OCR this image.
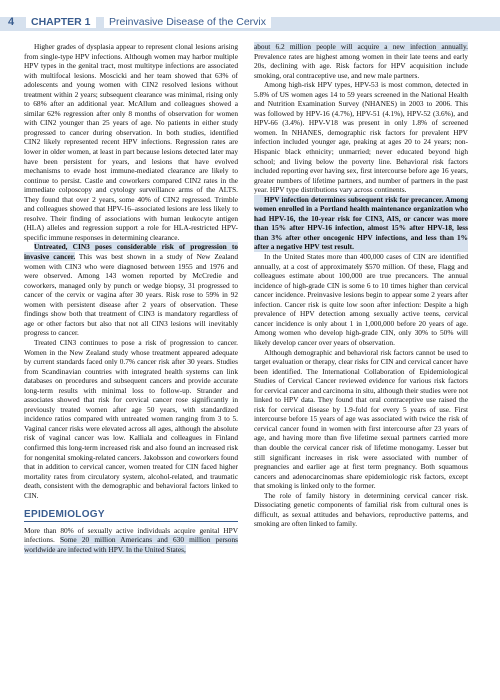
4	CHAPTER 1	Preinvasive Disease of the Cervix

Higher grades of dysplasia appear to represent clonal lesions arising from single-type HPV infections. Although women may harbor multiple HPV types in the genital tract, most multitype infections are associated with multifocal lesions. Moscicki and her team showed that 63% of adolescents and young women with CIN2 resolved lesions without treatment within 2 years; subsequent clearance was minimal, rising only to 68% after an additional year. McAllum and colleagues showed a similar 62% regression after only 8 months of observation for women with CIN2 younger than 25 years of age. No patients in either study progressed to cancer during observation. In both studies, identified CIN2 likely represented recent HPV infections. Regression rates are lower in older women, at least in part because lesions detected later may have been persistent for years, and lesions that have evolved mechanisms to evade host immune-mediated clearance are likely to continue to persist. Castle and coworkers compared CIN2 rates in the immediate colposcopy and cytology surveillance arms of the ALTS. They found that over 2 years, some 40% of CIN2 regressed. Trimble and colleagues showed that HPV-16–associated lesions are less likely to resolve. Their finding of associations with human leukocyte antigen (HLA) alleles and regression support a role for HLA-restricted HPV-specific immune responses in determining clearance.

Untreated, CIN3 poses considerable risk of progression to invasive cancer. This was best shown in a study of New Zealand women with CIN3 who were diagnosed between 1955 and 1976 and were observed. Among 143 women reported by McCredie and coworkers, managed only by punch or wedge biopsy, 31 progressed to cancer of the cervix or vagina after 30 years. Risk rose to 59% in 92 women with persistent disease after 2 years of observation. These findings show both that treatment of CIN3 is mandatory regardless of age or other factors but also that not all CIN3 lesions will inevitably progress to cancer.

Treated CIN3 continues to pose a risk of progression to cancer. Women in the New Zealand study whose treatment appeared adequate by current standards faced only 0.7% cancer risk after 30 years. Studies from Scandinavian countries with integrated health systems can link databases on procedures and subsequent cancers and provide accurate long-term results with minimal loss to follow-up. Strander and associates showed that risk for cervical cancer rose significantly in previously treated women after age 50 years, with standardized incidence ratios compared with untreated women ranging from 3 to 5. Vaginal cancer risks were elevated across all ages, although the absolute risk of vaginal cancer was low. Kalliala and colleagues in Finland confirmed this long-term increased risk and also found an increased risk for nongenital smoking-related cancers. Jakobsson and coworkers found that in addition to cervical cancer, women treated for CIN faced higher mortality rates from circulatory system, alcohol-related, and traumatic death, consistent with the demographic and behavioral factors linked to CIN.

EPIDEMIOLOGY

More than 80% of sexually active individuals acquire genital HPV infections. Some 20 million Americans and 630 million persons worldwide are infected with HPV. In the United States,

about 6.2 million people will acquire a new infection annually. Prevalence rates are highest among women in their late teens and early 20s, declining with age. Risk factors for HPV acquisition include smoking, oral contraceptive use, and new male partners.

Among high-risk HPV types, HPV-53 is most common, detected in 5.8% of US women ages 14 to 59 years screened in the National Health and Nutrition Examination Survey (NHANES) in 2003 to 2006. This was followed by HPV-16 (4.7%), HPV-51 (4.1%), HPV-52 (3.6%), and HPV-66 (3.4%). HPV-V18 was present in only 1.8% of screened women. In NHANES, demographic risk factors for prevalent HPV infection included younger age, peaking at ages 20 to 24 years; non-Hispanic black ethnicity; unmarried; never educated beyond high school; and living below the poverty line. Behavioral risk factors included reporting ever having sex, first intercourse before age 16 years, greater numbers of lifetime partners, and number of partners in the past year. HPV type distributions vary across continents.

HPV infection determines subsequent risk for precancer. Among women enrolled in a Portland health maintenance organization who had HPV-16, the 10-year risk for CIN3, AIS, or cancer was more than 15% after HPV-16 infection, almost 15% after HPV-18, less than 3% after other oncogenic HPV infections, and less than 1% after a negative HPV test result.

In the United States more than 400,000 cases of CIN are identified annually, at a cost of approximately $570 million. Of these, Flagg and colleagues estimate about 100,000 are true precancers. The annual incidence of high-grade CIN is some 6 to 10 times higher than cervical cancer incidence. Preinvasive lesions begin to appear some 2 years after infection. Cancer risk is quite low soon after infection: Despite a high prevalence of HPV detection among sexually active teens, cervical cancer incidence is only about 1 in 1,000,000 before 20 years of age. Among women who develop high-grade CIN, only 30% to 50% will likely develop cancer over years of observation.

Although demographic and behavioral risk factors cannot be used to target evaluation or therapy, clear risks for CIN and cervical cancer have been identified. The International Collaboration of Epidemiological Studies of Cervical Cancer reviewed evidence for various risk factors for cervical cancer and carcinoma in situ, although their studies were not linked to HPV data. They found that oral contraceptive use raised the risk for cervical disease by 1.9-fold for every 5 years of use. First intercourse before 15 years of age was associated with twice the risk of cervical cancer found in women with first intercourse after 23 years of age, and having more than five lifetime sexual partners carried more than double the cervical cancer risk of lifetime monogamy. Lesser but still significant increases in risk were associated with number of pregnancies and earlier age at first term pregnancy. Both squamous cancers and adenocarcinomas share epidemiologic risk factors, except that smoking is linked only to the former.

The role of family history in determining cervical cancer risk. Dissociating genetic components of familial risk from cultural ones is difficult, as sexual attitudes and behaviors, reproductive patterns, and smoking are often linked to family.
